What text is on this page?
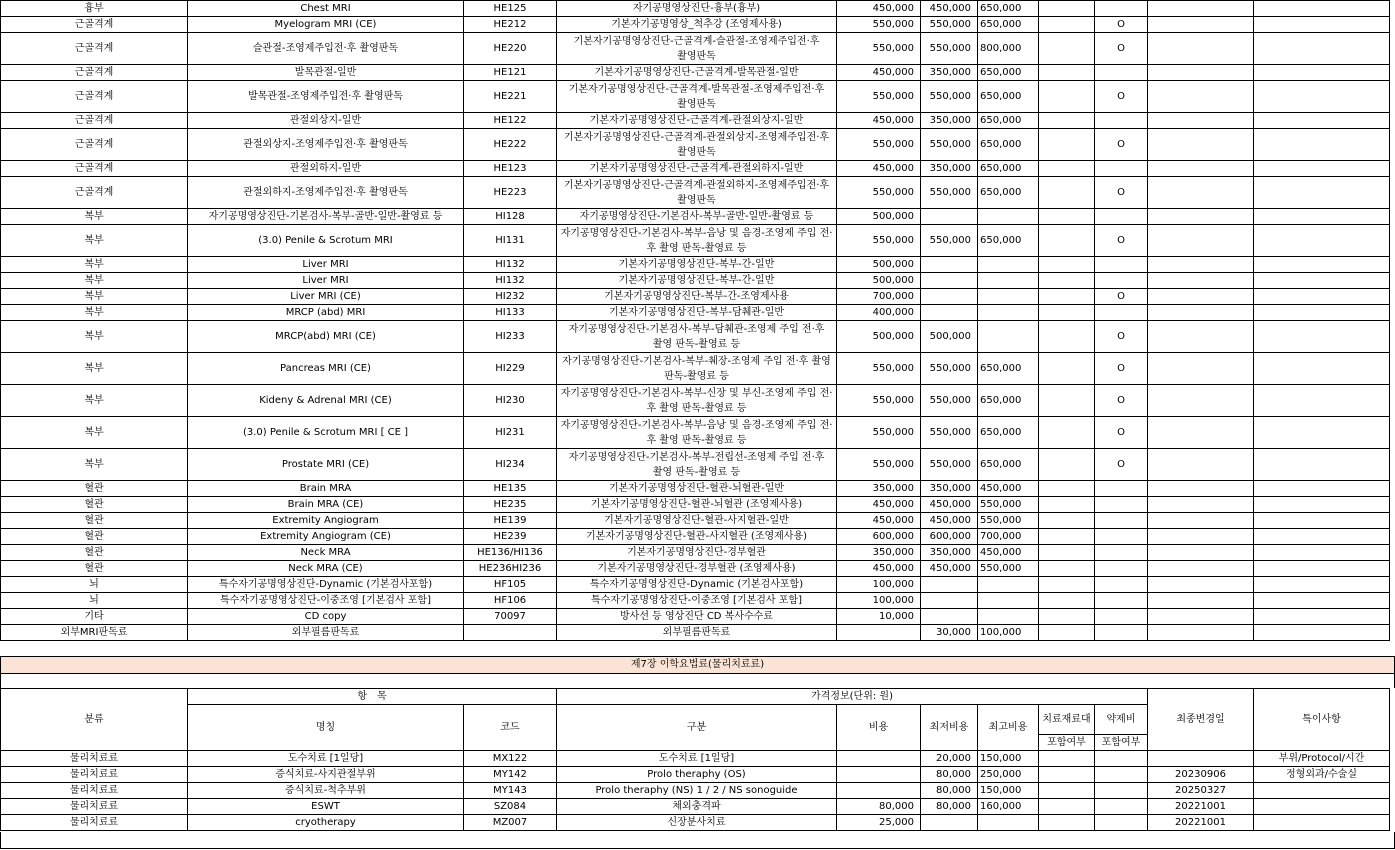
흉부	Chest MRI	HE125	자기공명영상진단-흉부(흉부)	450,000	450,000	650,000				
근골격계	Myelogram MRI (CE)	HE212	기본자기공명영상_척추강 (조영제사용)	550,000	550,000	650,000		O		
근골격계	슬관절-조영제주입전·후 촬영판독	HE220	기본자기공명영상진단-근골격계-슬관절-조영제주입전·후 촬영판독	550,000	550,000	800,000		O		
근골격계	발목관절-일반	HE121	기본자기공명영상진단-근골격계-발목관절-일반	450,000	350,000	650,000				
근골격계	발목관절-조영제주입전·후 촬영판독	HE221	기본자기공명영상진단-근골격계-발목관절-조영제주입전·후 촬영판독	550,000	550,000	650,000		O		
근골격계	관절외상지-일반	HE122	기본자기공명영상진단-근골격계-관절외상지-일반	450,000	350,000	650,000				
근골격계	관절외상지-조영제주입전·후 촬영판독	HE222	기본자기공명영상진단-근골격계-관절외상지-조영제주입전·후 촬영판독	550,000	550,000	650,000		O		
근골격계	관절외하지-일반	HE123	기본자기공명영상진단-근골격계-관절외하지-일반	450,000	350,000	650,000				
근골격계	관절외하지-조영제주입전·후 촬영판독	HE223	기본자기공명영상진단-근골격계-관절외하지-조영제주입전·후 촬영판독	550,000	550,000	650,000		O		
복부	자기공명영상진단-기본검사-복부-골반-일반-촬영료 등	HI128	자기공명영상진단-기본검사-복부-골반-일반-촬영료 등	500,000						
복부	(3.0) Penile & Scrotum MRI	HI131	자기공명영상진단-기본검사-복부-음낭 및 음경-조영제 주입 전·후 촬영 판독-촬영료 등	550,000	550,000	650,000		O		
복부	Liver MRI	HI132	기본자기공명영상진단-복부-간-일반	500,000						
복부	Liver MRI	HI132	기본자기공명영상진단-복부-간-일반	500,000						
복부	Liver MRI (CE)	HI232	기본자기공명영상진단-복부-간-조영제사용	700,000				O		
복부	MRCP (abd) MRI	HI133	기본자기공명영상진단-복부-담췌관-일반	400,000						
복부	MRCP(abd) MRI (CE)	HI233	자기공명영상진단-기본검사-복부-담췌관-조영제 주입 전·후 촬영 판독-촬영료 등	500,000	500,000			O		
복부	Pancreas MRI (CE)	HI229	자기공명영상진단-기본검사-복부-췌장-조영제 주입 전·후 촬영 판독-촬영료 등	550,000	550,000	650,000		O		
복부	Kideny & Adrenal MRI (CE)	HI230	자기공명영상진단-기본검사-복부-신장 및 부신-조영제 주입 전·후 촬영 판독-촬영료 등	550,000	550,000	650,000		O		
복부	(3.0) Penile & Scrotum MRI [ CE ]	HI231	자기공명영상진단-기본검사-복부-음낭 및 음경-조영제 주입 전·후 촬영 판독-촬영료 등	550,000	550,000	650,000		O		
복부	Prostate MRI (CE)	HI234	자기공명영상진단-기본검사-복부-전립선-조영제 주입 전·후 촬영 판독-촬영료 등	550,000	550,000	650,000		O		
혈관	Brain MRA	HE135	기본자기공명영상진단-혈관-뇌혈관-일반	350,000	350,000	450,000				
혈관	Brain MRA (CE)	HE235	기본자기공명영상진단-혈관-뇌혈관 (조영제사용)	450,000	450,000	550,000				
혈관	Extremity Angiogram	HE139	기본자기공명영상진단-혈관-사지혈관-일반	450,000	450,000	550,000				
혈관	Extremity Angiogram (CE)	HE239	기본자기공명영상진단-혈관-사지혈관 (조영제사용)	600,000	600,000	700,000				
혈관	Neck MRA	HE136/HI136	기본자기공명영상진단-경부혈관	350,000	350,000	450,000				
혈관	Neck MRA (CE)	HE236HI236	기본자기공명영상진단-경부혈관 (조영제사용)	450,000	450,000	550,000				
뇌	특수자기공명영상진단-Dynamic (기본검사포함)	HF105	특수자기공명영상진단-Dynamic (기본검사포함)	100,000						
뇌	특수자기공명영상진단-이중조영 [기본검사 포함]	HF106	특수자기공명영상진단-이중조영 [기본검사 포함]	100,000						
기타	CD copy	70097	방사선 등 영상진단 CD 복사수수료	10,000						
외부MRI판독료	외부필름판독료		외부필름판독료		30,000	100,000				
제7장 이학요법료(물리치료료)
분류	항　목		가격정보(단위: 원)						최종변경일	특이사항
	명칭	코드	구분	비용	최저비용	최고비용	치료재료대	약제비		
							포함여부	포함여부		
물리치료료	도수치료 [1일당]	MX122	도수치료 [1일당]		20,000	150,000				부위/Protocol/시간
물리치료료	증식치료-사지관절부위	MY142	Prolo theraphy (OS)		80,000	250,000			20230906	정형외과/수술실
물리치료료	증식치료-척추부위	MY143	Prolo theraphy (NS) 1 / 2 / NS sonoguide		80,000	150,000			20250327	
물리치료료	ESWT	SZ084	체외충격파	80,000	80,000	160,000			20221001	
물리치료료	cryotherapy	MZ007	신장분사치료	25,000					20221001	
